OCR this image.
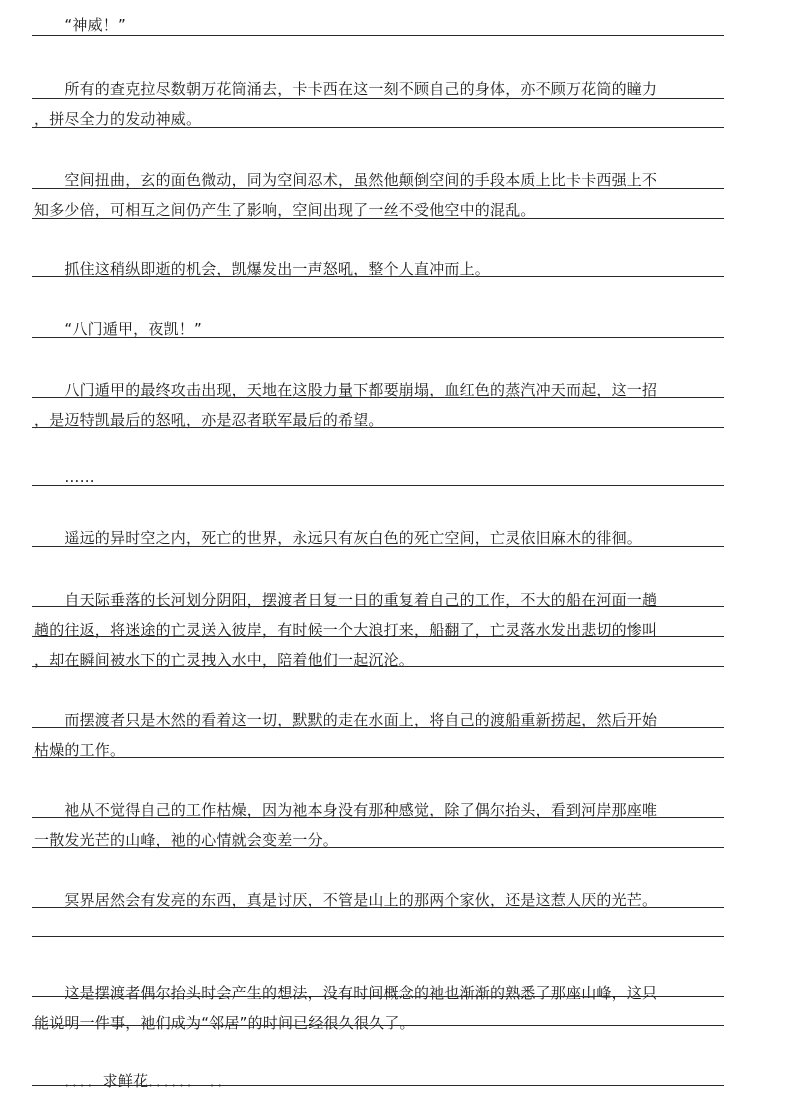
　　“神威！”
　　所有的查克拉尽数朝万花筒涌去，卡卡西在这一刻不顾自己的身体，亦不顾万花筒的瞳力
，拼尽全力的发动神威。
　　空间扭曲，玄的面色微动，同为空间忍术，虽然他颠倒空间的手段本质上比卡卡西强上不
知多少倍，可相互之间仍产生了影响，空间出现了一丝不受他空中的混乱。
　　抓住这稍纵即逝的机会，凯爆发出一声怒吼，整个人直冲而上。
　　“八门遁甲，夜凯！”
　　八门遁甲的最终攻击出现，天地在这股力量下都要崩塌，血红色的蒸汽冲天而起，这一招
，是迈特凯最后的怒吼，亦是忍者联军最后的希望。
　　……
　　遥远的异时空之内，死亡的世界，永远只有灰白色的死亡空间，亡灵依旧麻木的徘徊。
　　自天际垂落的长河划分阴阳，摆渡者日复一日的重复着自己的工作，不大的船在河面一趟
趟的往返，将迷途的亡灵送入彼岸，有时候一个大浪打来，船翻了，亡灵落水发出悲切的惨叫
，却在瞬间被水下的亡灵拽入水中，陪着他们一起沉沦。
　　而摆渡者只是木然的看着这一切，默默的走在水面上，将自己的渡船重新捞起，然后开始
枯燥的工作。
　　祂从不觉得自己的工作枯燥，因为祂本身没有那种感觉，除了偶尔抬头，看到河岸那座唯
一散发光芒的山峰，祂的心情就会变差一分。
　　冥界居然会有发亮的东西，真是讨厌，不管是山上的那两个家伙，还是这惹人厌的光芒。
　　这是摆渡者偶尔抬头时会产生的想法，没有时间概念的祂也渐渐的熟悉了那座山峰，这只
能说明一件事，祂们成为“邻居”的时间已经很久很久了。
　　．．．．求鲜花．．．．．．　．．
